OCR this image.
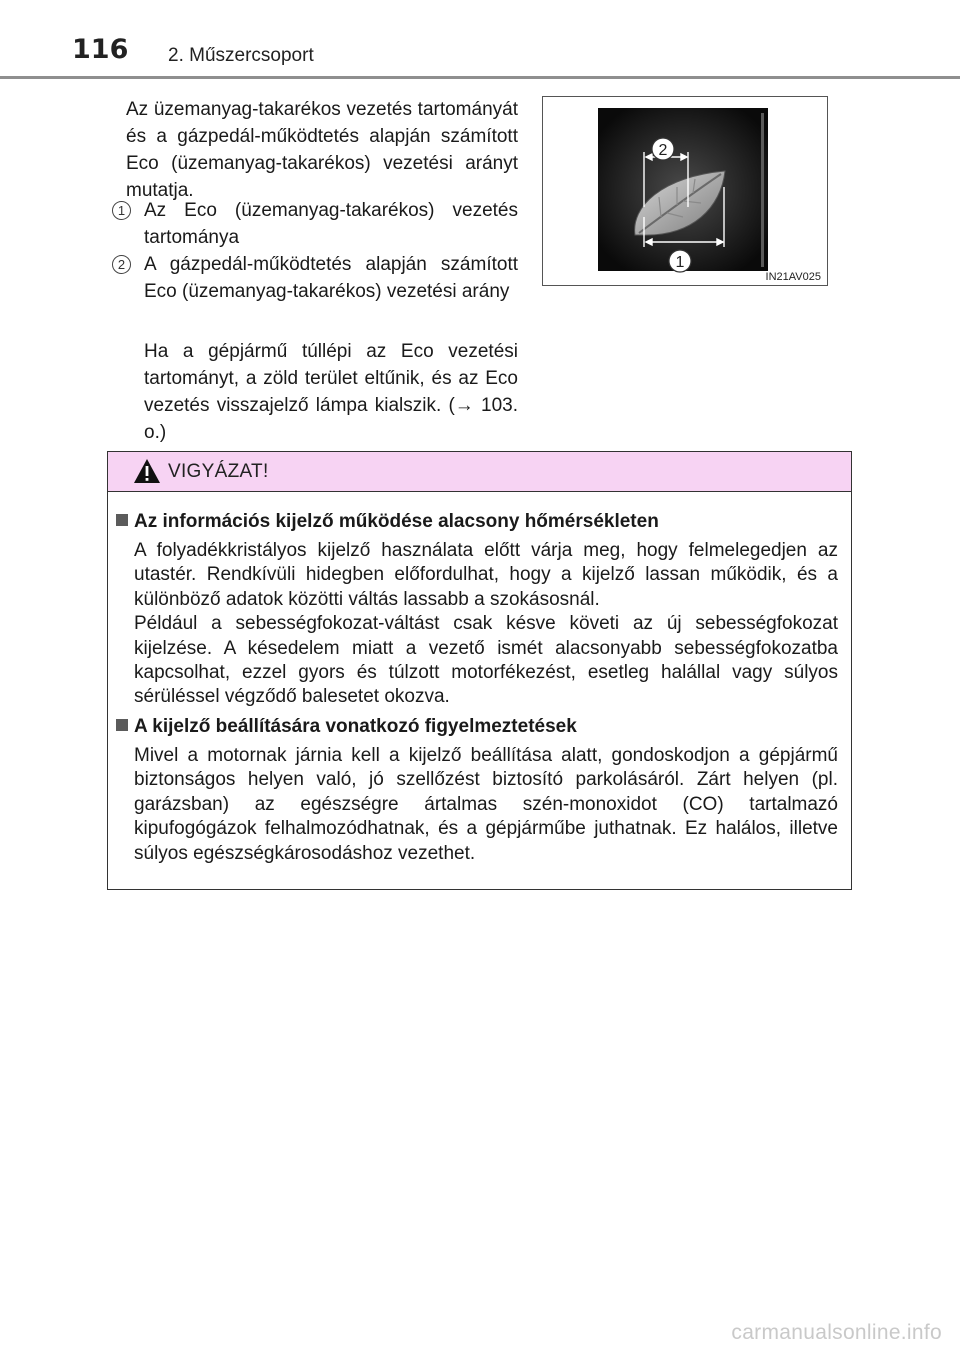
116 2. Műszercsoport
Az üzemanyag-takarékos vezetés tartományát és a gázpedál-működtetés alapján számított Eco (üzemanyag-takarékos) vezetési arányt mutatja.
1 Az Eco (üzemanyag-takarékos) vezetés tartománya
2 A gázpedál-működtetés alapján számított Eco (üzemanyag-takarékos) vezetési arány
Ha a gépjármű túllépi az Eco vezetési tartományt, a zöld terület eltűnik, és az Eco vezetés visszajelző lámpa kialszik. (→ 103. o.)
2
1
IN21AV025
VIGYÁZAT!
Az információs kijelző működése alacsony hőmérsékleten
A folyadékkristályos kijelző használata előtt várja meg, hogy felmelegedjen az utastér. Rendkívüli hidegben előfordulhat, hogy a kijelző lassan működik, és a különböző adatok közötti váltás lassabb a szokásosnál.
Például a sebességfokozat-váltást csak késve követi az új sebességfokozat kijelzése. A késedelem miatt a vezető ismét alacsonyabb sebességfokozatba kapcsolhat, ezzel gyors és túlzott motorfékezést, esetleg halállal vagy súlyos sérüléssel végződő balesetet okozva.
A kijelző beállítására vonatkozó figyelmeztetések
Mivel a motornak járnia kell a kijelző beállítása alatt, gondoskodjon a gépjármű biztonságos helyen való, jó szellőzést biztosító parkolásáról. Zárt helyen (pl. garázsban) az egészségre ártalmas szén-monoxidot (CO) tartalmazó kipufogógázok felhalmozódhatnak, és a gépjárműbe juthatnak. Ez halálos, illetve súlyos egészségkárosodáshoz vezethet.
carmanualsonline.info
